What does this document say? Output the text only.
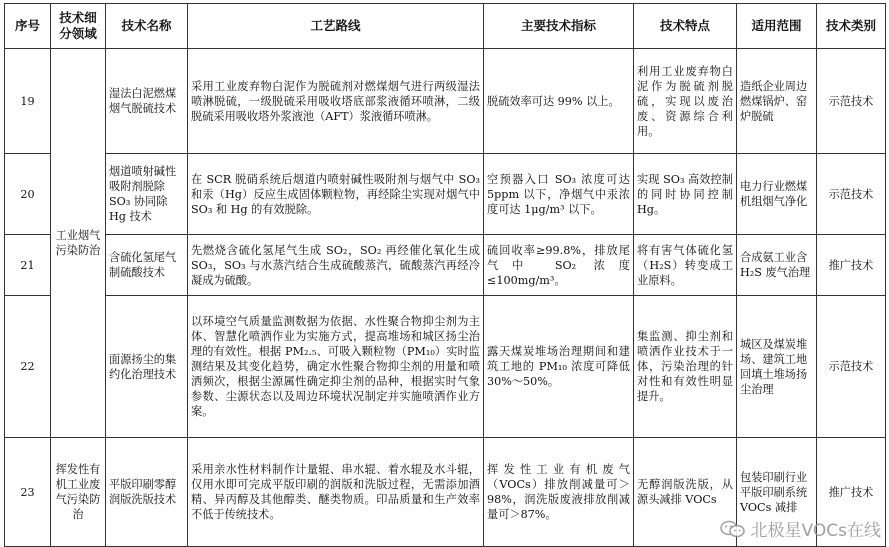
序号	技术细分领域	技术名称	工艺路线	主要技术指标	技术特点	适用范围	技术类别
19	工业烟气污染防治	湿法白泥燃煤烟气脱硫技术	采用工业废弃物白泥作为脱硫剂对燃煤烟气进行两级湿法喷淋脱硫，一级脱硫采用吸收塔底部浆液循环喷淋，二级脱硫采用吸收塔外浆液池（AFT）浆液循环喷淋。	脱硫效率可达 99% 以上。	利用工业废弃物白泥作为脱硫剂脱硫，实现以废治废、资源综合利用。	造纸企业周边燃煤锅炉、窑炉脱硫	示范技术
20		烟道喷射碱性吸附剂脱除 SO₃ 协同除 Hg 技术	在 SCR 脱硝系统后烟道内喷射碱性吸附剂与烟气中 SO₃ 和汞（Hg）反应生成固体颗粒物，再经除尘实现对烟气中 SO₃ 和 Hg 的有效脱除。	空预器入口 SO₃ 浓度可达 5ppm 以下，净烟气中汞浓度可达 1μg/m³ 以下。	实现 SO₃ 高效控制的同时协同控制 Hg。	电力行业燃煤机组烟气净化	示范技术
21		含硫化氢尾气制硫酸技术	先燃烧含硫化氢尾气生成 SO₂，SO₂ 再经催化氧化生成 SO₃，SO₃ 与水蒸汽结合生成硫酸蒸汽，硫酸蒸汽再经冷凝成为硫酸。	硫回收率≥99.8%，排放尾气中 SO₂ 浓度≤100mg/m³。	将有害气体硫化氢（H₂S）转变成工业原料。	合成氨工业含 H₂S 废气治理	推广技术
22		面源扬尘的集约化治理技术	以环境空气质量监测数据为依据、水性聚合物抑尘剂为主体、智慧化喷洒作业为实施方式，提高堆场和城区扬尘治理的有效性。根据 PM₂.₅、可吸入颗粒物（PM₁₀）实时监测结果及其变化趋势，确定水性聚合物抑尘剂的用量和喷洒频次，根据尘源属性确定抑尘剂的品种，根据实时气象参数、尘源状态以及周边环境状况制定并实施喷洒作业方案。	露天煤炭堆场治理期间和建筑工地的 PM₁₀ 浓度可降低 30%～50%。	集监测、抑尘剂和喷洒作业技术于一体，污染治理的针对性和有效性明显提升。	城区及煤炭堆场、建筑工地回填土堆场扬尘治理	示范技术
23	挥发性有机工业废气污染防治	平版印刷零醇润版洗版技术	采用亲水性材料制作计量辊、串水辊、着水辊及水斗辊，仅用水即可完成平版印刷的润版和洗版过程，无需添加酒精、异丙醇及其他醇类、醚类物质。印品质量和生产效率不低于传统技术。	挥发性工业有机废气（VOCs）排放削减量可＞98%，润洗版废液排放削减量可＞87%。	无醇润版洗版，从源头减排 VOCs	包装印刷行业平版印刷系统 VOCs 减排	推广技术
北极星VOCs在线
